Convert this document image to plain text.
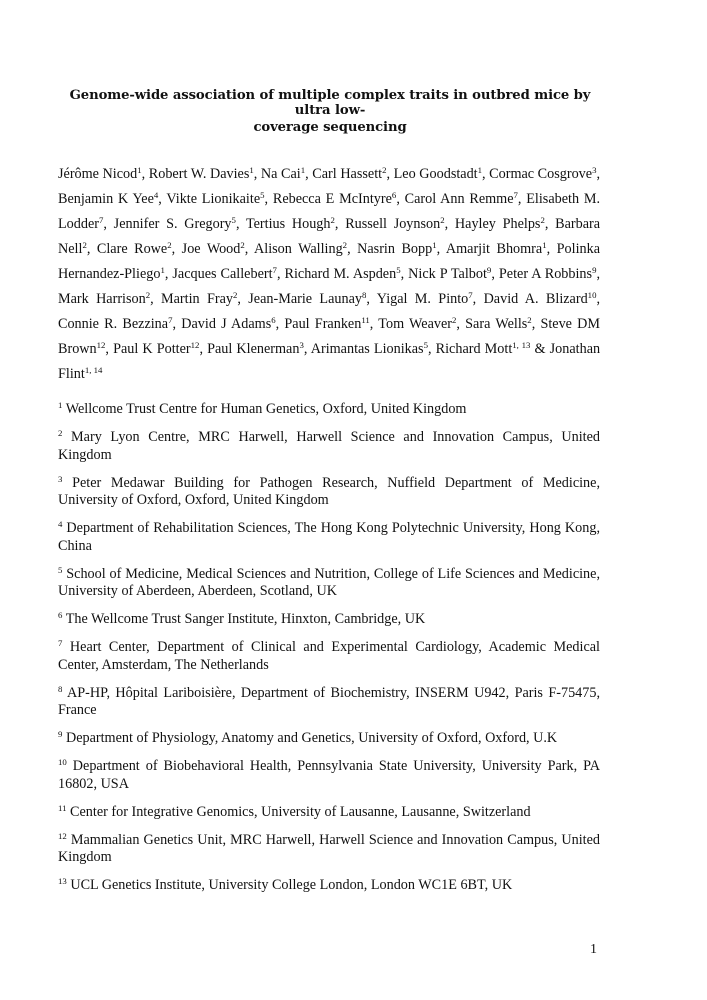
Genome-wide association of multiple complex traits in outbred mice by ultra low-
coverage sequencing
Jérôme Nicod$^1$, Robert W. Davies$^1$, Na Cai$^1$, Carl Hassett$^2$, Leo Goodstadt$^1$, Cormac Cosgrove$^3$, Benjamin K Yee$^4$, Vikte Lionikaite$^5$, Rebecca E McIntyre$^6$, Carol Ann Remme$^7$, Elisabeth M. Lodder$^7$, Jennifer S. Gregory$^5$, Tertius Hough$^2$, Russell Joynson$^2$, Hayley Phelps$^2$, Barbara Nell$^2$, Clare Rowe$^2$, Joe Wood$^2$, Alison Walling$^2$, Nasrin Bopp$^1$, Amarjit Bhomra$^1$, Polinka Hernandez-Pliego$^1$, Jacques Callebert$^7$, Richard M. Aspden$^5$, Nick P Talbot$^9$, Peter A Robbins$^9$, Mark Harrison$^2$, Martin Fray$^2$, Jean-Marie Launay$^8$, Yigal M. Pinto$^7$, David A. Blizard$^{10}$, Connie R. Bezzina$^7$, David J Adams$^6$, Paul Franken$^{11}$, Tom Weaver$^2$, Sara Wells$^2$, Steve DM Brown$^{12}$, Paul K Potter$^{12}$, Paul Klenerman$^3$, Arimantas Lionikas$^5$, Richard Mott$^{1, 13}$ & Jonathan Flint$^{1, 14}$
$^1$ Wellcome Trust Centre for Human Genetics, Oxford, United Kingdom
$^2$ Mary Lyon Centre, MRC Harwell, Harwell Science and Innovation Campus, United Kingdom
$^3$ Peter Medawar Building for Pathogen Research, Nuffield Department of Medicine, University of Oxford, Oxford, United Kingdom
$^4$ Department of Rehabilitation Sciences, The Hong Kong Polytechnic University, Hong Kong, China
$^5$ School of Medicine, Medical Sciences and Nutrition, College of Life Sciences and Medicine, University of Aberdeen, Aberdeen, Scotland, UK
$^6$ The Wellcome Trust Sanger Institute, Hinxton, Cambridge, UK
$^7$ Heart Center, Department of Clinical and Experimental Cardiology, Academic Medical Center, Amsterdam, The Netherlands
$^8$ AP-HP, Hôpital Lariboisière, Department of Biochemistry, INSERM U942, Paris F-75475, France
$^9$ Department of Physiology, Anatomy and Genetics, University of Oxford, Oxford, U.K
$^{10}$ Department of Biobehavioral Health, Pennsylvania State University, University Park, PA 16802, USA
$^{11}$ Center for Integrative Genomics, University of Lausanne, Lausanne, Switzerland
$^{12}$ Mammalian Genetics Unit, MRC Harwell, Harwell Science and Innovation Campus, United Kingdom
$^{13}$ UCL Genetics Institute, University College London, London WC1E 6BT, UK
1
